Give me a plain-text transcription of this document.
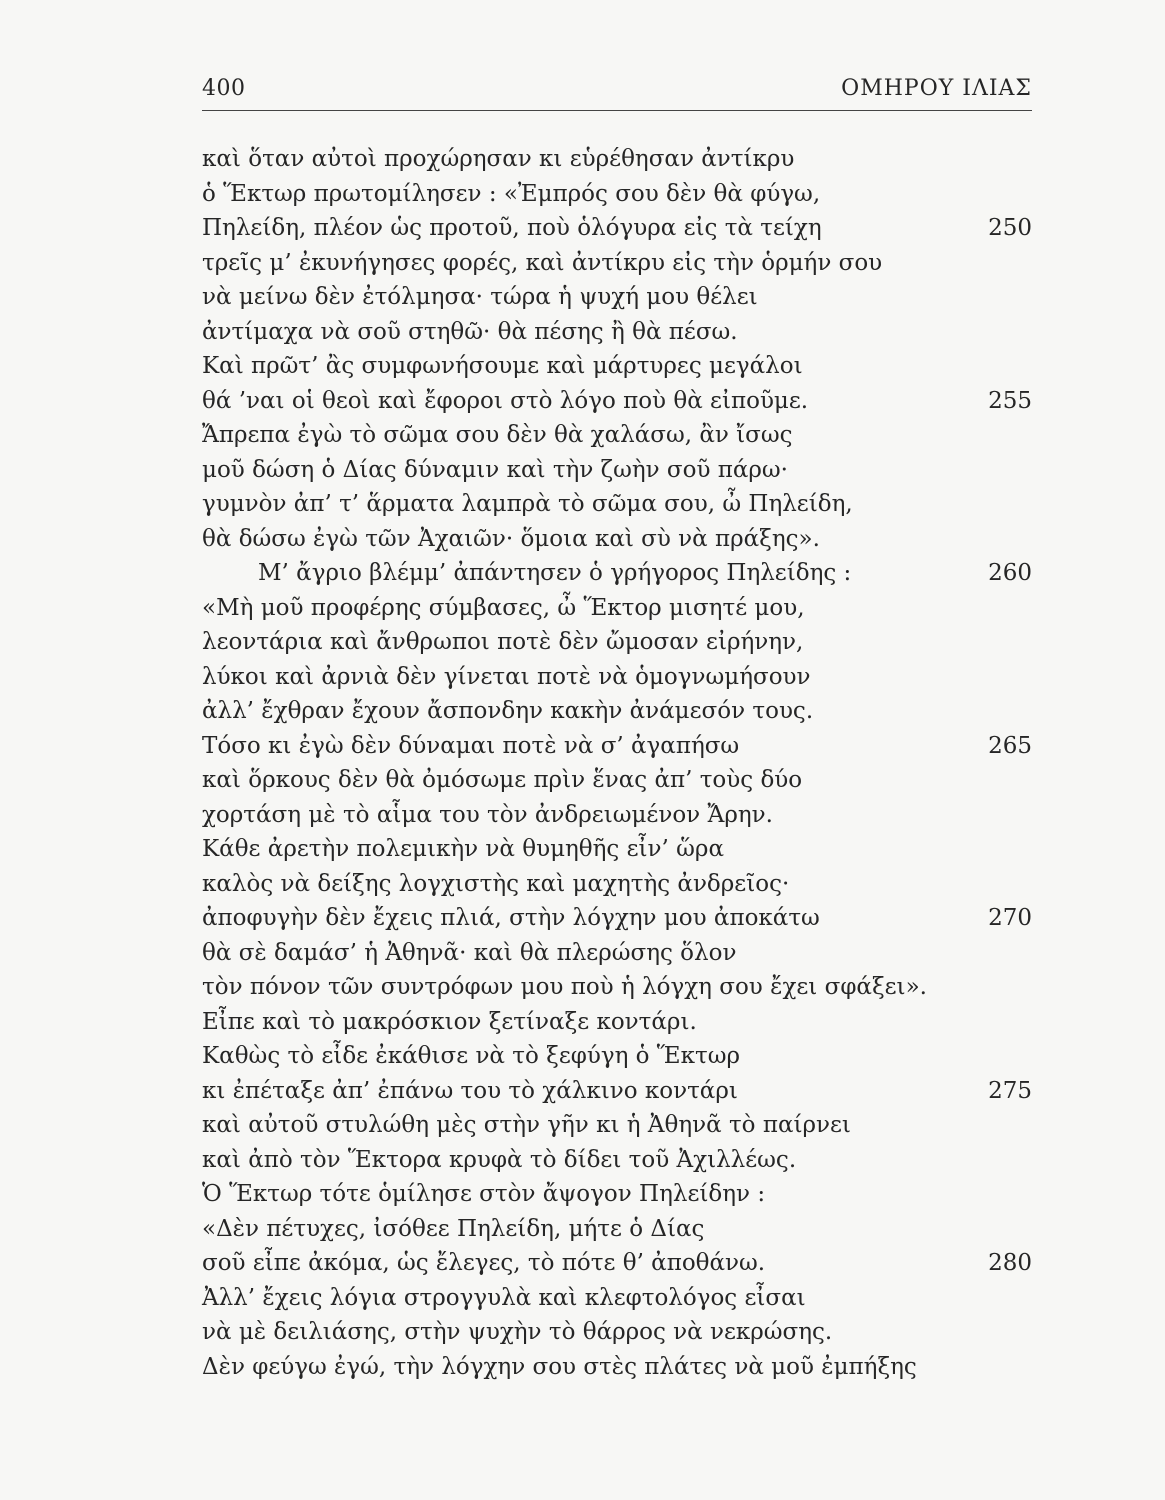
400	ΟΜΗΡΟΥ ΙΛΙΑΣ
καὶ ὅταν αὐτοὶ προχώρησαν κι εὑρέθησαν ἀντίκρυ
ὁ Ἕκτωρ πρωτομίλησεν : «Ἐμπρός σου δὲν θὰ φύγω,
Πηλείδη, πλέον ὡς προτοῦ, ποὺ ὁλόγυρα εἰς τὰ τείχη	250
τρεῖς μ’ ἐκυνήγησες φορές, καὶ ἀντίκρυ εἰς τὴν ὁρμήν σου
νὰ μείνω δὲν ἐτόλμησα· τώρα ἡ ψυχή μου θέλει
ἀντίμαχα νὰ σοῦ στηθῶ· θὰ πέσης ἢ θὰ πέσω.
Καὶ πρῶτ’ ἂς συμφωνήσουμε καὶ μάρτυρες μεγάλοι
θά ’ναι οἱ θεοὶ καὶ ἔφοροι στὸ λόγο ποὺ θὰ εἰποῦμε.	255
Ἄπρεπα ἐγὼ τὸ σῶμα σου δὲν θὰ χαλάσω, ἂν ἴσως
μοῦ δώση ὁ Δίας δύναμιν καὶ τὴν ζωὴν σοῦ πάρω·
γυμνὸν ἀπ’ τ’ ἅρματα λαμπρὰ τὸ σῶμα σου, ὦ Πηλείδη,
θὰ δώσω ἐγὼ τῶν Ἀχαιῶν· ὅμοια καὶ σὺ νὰ πράξης».
Μ’ ἄγριο βλέμμ’ ἀπάντησεν ὁ γρήγορος Πηλείδης :	260
«Μὴ μοῦ προφέρης σύμβασες, ὦ Ἕκτορ μισητέ μου,
λεοντάρια καὶ ἄνθρωποι ποτὲ δὲν ὤμοσαν εἰρήνην,
λύκοι καὶ ἀρνιὰ δὲν γίνεται ποτὲ νὰ ὁμογνωμήσουν
ἀλλ’ ἔχθραν ἔχουν ἄσπονδην κακὴν ἀνάμεσόν τους.
Τόσο κι ἐγὼ δὲν δύναμαι ποτὲ νὰ σ’ ἀγαπήσω	265
καὶ ὅρκους δὲν θὰ ὀμόσωμε πρὶν ἕνας ἀπ’ τοὺς δύο
χορτάση μὲ τὸ αἷμα του τὸν ἀνδρειωμένον Ἄρην.
Κάθε ἀρετὴν πολεμικὴν νὰ θυμηθῆς εἶν’ ὥρα
καλὸς νὰ δείξης λογχιστὴς καὶ μαχητὴς ἀνδρεῖος·
ἀποφυγὴν δὲν ἔχεις πλιά, στὴν λόγχην μου ἀποκάτω	270
θὰ σὲ δαμάσ’ ἡ Ἀθηνᾶ· καὶ θὰ πλερώσης ὅλον
τὸν πόνον τῶν συντρόφων μου ποὺ ἡ λόγχη σου ἔχει σφάξει».
Εἶπε καὶ τὸ μακρόσκιον ξετίναξε κοντάρι.
Καθὼς τὸ εἶδε ἐκάθισε νὰ τὸ ξεφύγη ὁ Ἕκτωρ
κι ἐπέταξε ἀπ’ ἐπάνω του τὸ χάλκινο κοντάρι	275
καὶ αὐτοῦ στυλώθη μὲς στὴν γῆν κι ἡ Ἀθηνᾶ τὸ παίρνει
καὶ ἀπὸ τὸν Ἕκτορα κρυφὰ τὸ δίδει τοῦ Ἀχιλλέως.
Ὁ Ἕκτωρ τότε ὁμίλησε στὸν ἄψογον Πηλείδην :
«Δὲν πέτυχες, ἰσόθεε Πηλείδη, μήτε ὁ Δίας
σοῦ εἶπε ἀκόμα, ὡς ἔλεγες, τὸ πότε θ’ ἀποθάνω.	280
Ἀλλ’ ἔχεις λόγια στρογγυλὰ καὶ κλεφτολόγος εἶσαι
νὰ μὲ δειλιάσης, στὴν ψυχὴν τὸ θάρρος νὰ νεκρώσης.
Δὲν φεύγω ἐγώ, τὴν λόγχην σου στὲς πλάτες νὰ μοῦ ἐμπήξης
